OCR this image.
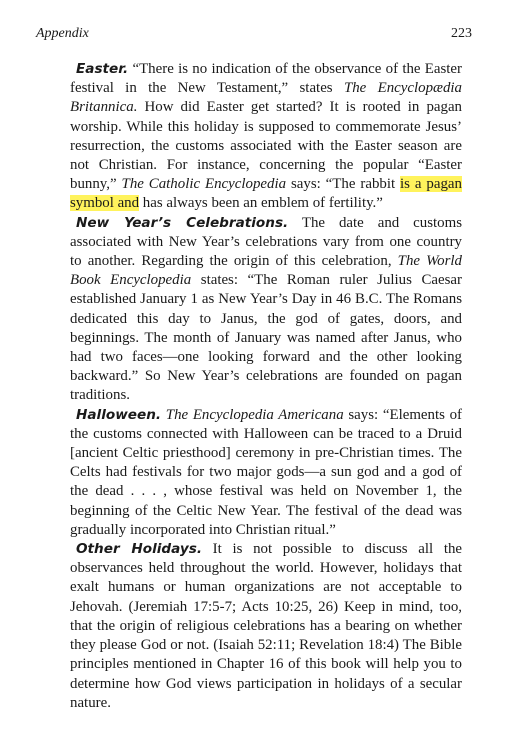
Appendix	223

Easter. “There is no indication of the observance of the Easter festival in the New Testament,” states The Encyclopædia Britannica. How did Easter get started? It is rooted in pagan worship. While this holiday is supposed to commemorate Jesus’ resurrection, the customs associated with the Easter season are not Christian. For instance, concerning the popular “Easter bunny,” The Catholic Encyclopedia says: “The rabbit is a pagan symbol and has always been an emblem of fertility.”

New Year’s Celebrations. The date and customs associated with New Year’s celebrations vary from one country to another. Regarding the origin of this celebration, The World Book Encyclopedia states: “The Roman ruler Julius Caesar established January 1 as New Year’s Day in 46 B.C. The Romans dedicated this day to Janus, the god of gates, doors, and beginnings. The month of January was named after Janus, who had two faces—one looking forward and the other looking backward.” So New Year’s celebrations are founded on pagan traditions.

Halloween. The Encyclopedia Americana says: “Elements of the customs connected with Halloween can be traced to a Druid [ancient Celtic priesthood] ceremony in pre-Christian times. The Celts had festivals for two major gods—a sun god and a god of the dead . . . , whose festival was held on November 1, the beginning of the Celtic New Year. The festival of the dead was gradually incorporated into Christian ritual.”

Other Holidays. It is not possible to discuss all the observances held throughout the world. However, holidays that exalt humans or human organizations are not acceptable to Jehovah. (Jeremiah 17:5-7; Acts 10:25, 26) Keep in mind, too, that the origin of religious celebrations has a bearing on whether they please God or not. (Isaiah 52:11; Revelation 18:4) The Bible principles mentioned in Chapter 16 of this book will help you to determine how God views participation in holidays of a secular nature.
